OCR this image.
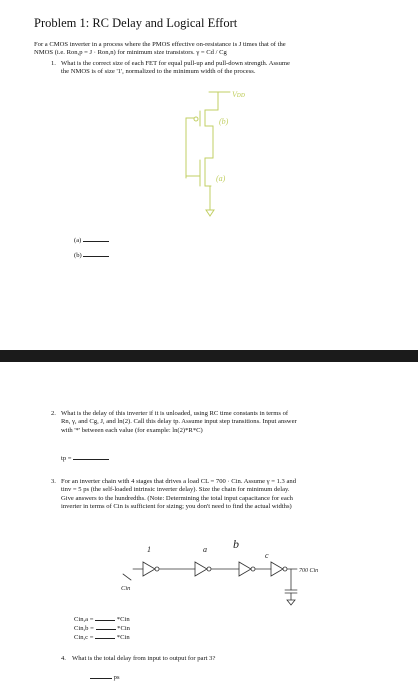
Problem 1: RC Delay and Logical Effort
For a CMOS inverter in a process where the PMOS effective on-resistance is J times that of the
NMOS (i.e. Ron,p = J · Ron,n) for minimum size transistors. γ = Cd / Cg
1. What is the correct size of each FET for equal pull-up and pull-down strength. Assume
the NMOS is of size '1', normalized to the minimum width of the process.
Vᴅᴅ
(b)
(a)
(a)
(b)
2. What is the delay of this inverter if it is unloaded, using RC time constants in terms of
Rn, γ, and Cg, J, and ln(2). Call this delay tp. Assume input step transitions. Input answer
with '*' between each value (for example: ln(2)*R*C)
tp =
3. For an inverter chain with 4 stages that drives a load CL = 700 · Cin. Assume γ = 1.3 and
tinv = 5 ps (the self-loaded intrinsic inverter delay). Size the chain for minimum delay.
Give answers to the hundredths. (Note: Determining the total input capacitance for each
inverter in terms of Cin is sufficient for sizing; you don't need to find the actual widths)
1	a b
c
700 Cin
Cin
Cin,a =	*Cin
Cin,b =	*Cin
Cin,c =	*Cin
4. What is the total delay from input to output for part 3?
ps
